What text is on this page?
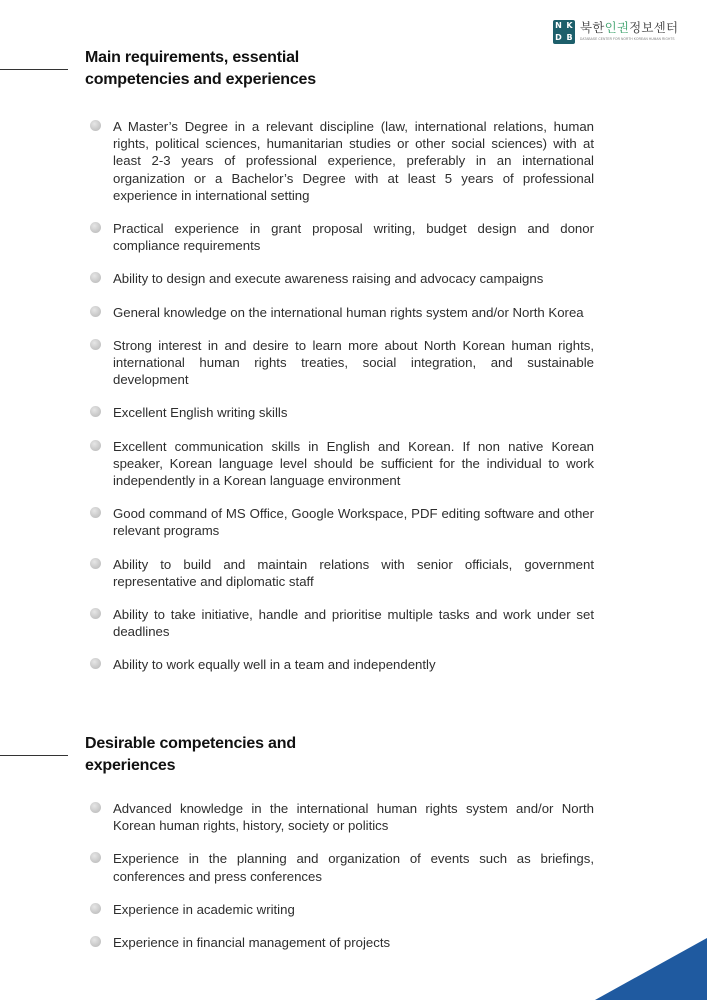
N K
D B
북한인권정보센터
DATABASE CENTER FOR NORTH KOREAN HUMAN RIGHTS
Main requirements, essential
competencies and experiences
A Master’s Degree in a relevant discipline (law, international relations, human rights, political sciences, humanitarian studies or other social sciences) with at least 2-3 years of professional experience, preferably in an international organization or a Bachelor’s Degree with at least 5 years of professional experience in international setting
Practical experience in grant proposal writing, budget design and donor compliance requirements
Ability to design and execute awareness raising and advocacy campaigns
General knowledge on the international human rights system and/or North Korea
Strong interest in and desire to learn more about North Korean human rights, international human rights treaties, social integration, and sustainable development
Excellent English writing skills
Excellent communication skills in English and Korean. If non native Korean speaker, Korean language level should be sufficient for the individual to work independently in a Korean language environment
Good command of MS Office, Google Workspace, PDF editing software and other relevant programs
Ability to build and maintain relations with senior officials, government representative and diplomatic staff
Ability to take initiative, handle and prioritise multiple tasks and work under set deadlines
Ability to work equally well in a team and independently
Desirable competencies and
experiences
Advanced knowledge in the international human rights system and/or North Korean human rights, history, society or politics
Experience in the planning and organization of events such as briefings, conferences and press conferences
Experience in academic writing
Experience in financial management of projects
